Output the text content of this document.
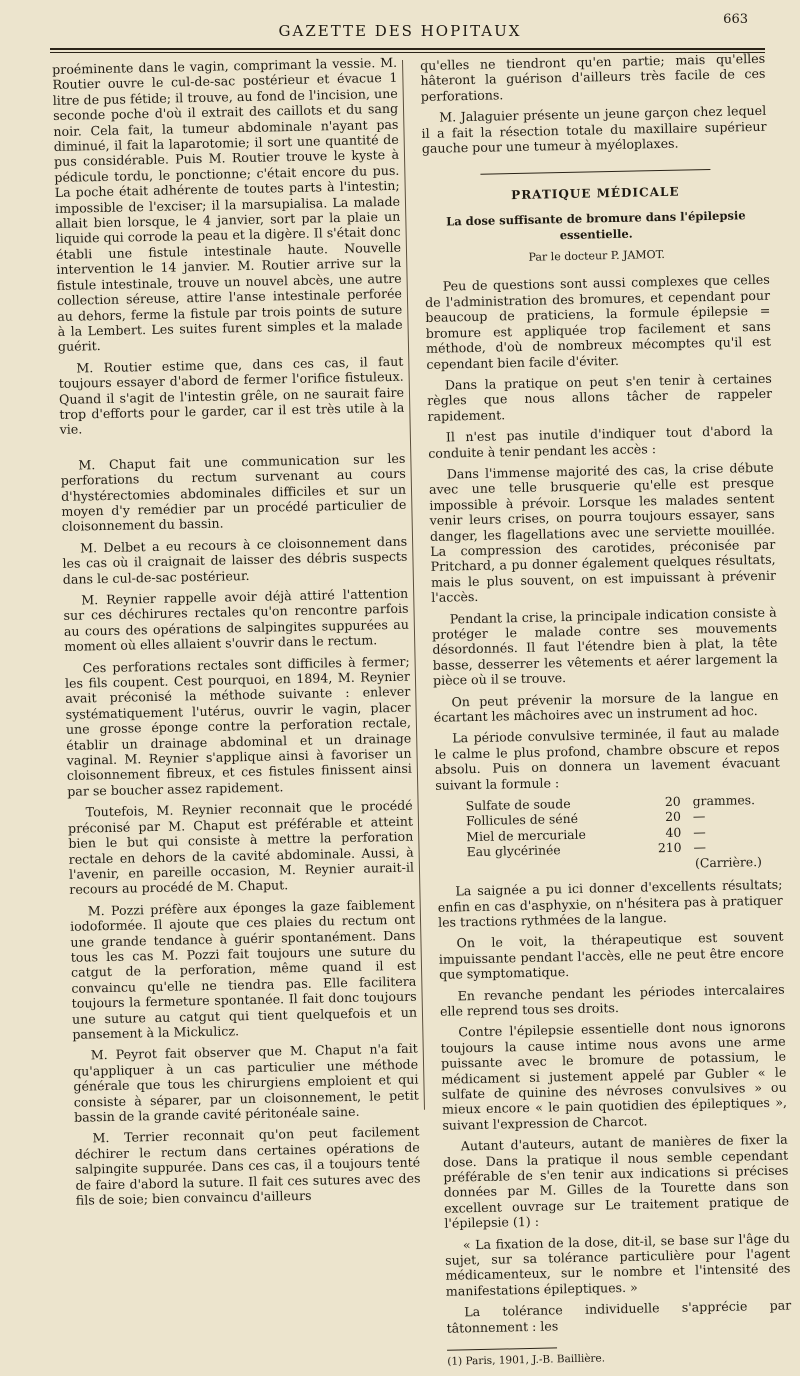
GAZETTE DES HOPITAUX
663

proéminente dans le vagin, comprimant la vessie. M. Routier ouvre le cul-de-sac postérieur et évacue 1 litre de pus fétide; il trouve, au fond de l'incision, une seconde poche d'où il extrait des caillots et du sang noir. Cela fait, la tumeur abdominale n'ayant pas diminué, il fait la laparotomie; il sort une quantité de pus considérable. Puis M. Routier trouve le kyste à pédicule tordu, le ponctionne; c'était encore du pus. La poche était adhérente de toutes parts à l'intestin; impossible de l'exciser; il la marsupialisa. La malade allait bien lorsque, le 4 janvier, sort par la plaie un liquide qui corrode la peau et la digère. Il s'était donc établi une fistule intestinale haute. Nouvelle intervention le 14 janvier. M. Routier arrive sur la fistule intestinale, trouve un nouvel abcès, une autre collection séreuse, attire l'anse intestinale perforée au dehors, ferme la fistule par trois points de suture à la Lembert. Les suites furent simples et la malade guérit.

M. Routier estime que, dans ces cas, il faut toujours essayer d'abord de fermer l'orifice fistuleux. Quand il s'agit de l'intestin grêle, on ne saurait faire trop d'efforts pour le garder, car il est très utile à la vie.

M. Chaput fait une communication sur les perforations du rectum survenant au cours d'hystérectomies abdominales difficiles et sur un moyen d'y remédier par un procédé particulier de cloisonnement du bassin.

M. Delbet a eu recours à ce cloisonnement dans les cas où il craignait de laisser des débris suspects dans le cul-de-sac postérieur.

M. Reynier rappelle avoir déjà attiré l'attention sur ces déchirures rectales qu'on rencontre parfois au cours des opérations de salpingites suppurées au moment où elles allaient s'ouvrir dans le rectum.

Ces perforations rectales sont difficiles à fermer; les fils coupent. Cest pourquoi, en 1894, M. Reynier avait préconisé la méthode suivante : enlever systématiquement l'utérus, ouvrir le vagin, placer une grosse éponge contre la perforation rectale, établir un drainage abdominal et un drainage vaginal. M. Reynier s'applique ainsi à favoriser un cloisonnement fibreux, et ces fistules finissent ainsi par se boucher assez rapidement.

Toutefois, M. Reynier reconnait que le procédé préconisé par M. Chaput est préférable et atteint bien le but qui consiste à mettre la perforation rectale en dehors de la cavité abdominale. Aussi, à l'avenir, en pareille occasion, M. Reynier aurait-il recours au procédé de M. Chaput.

M. Pozzi préfère aux éponges la gaze faiblement iodoformée. Il ajoute que ces plaies du rectum ont une grande tendance à guérir spontanément. Dans tous les cas M. Pozzi fait toujours une suture du catgut de la perforation, même quand il est convaincu qu'elle ne tiendra pas. Elle facilitera toujours la fermeture spontanée. Il fait donc toujours une suture au catgut qui tient quelquefois et un pansement à la Mickulicz.

M. Peyrot fait observer que M. Chaput n'a fait qu'appliquer à un cas particulier une méthode générale que tous les chirurgiens emploient et qui consiste à séparer, par un cloisonnement, le petit bassin de la grande cavité péritonéale saine.

M. Terrier reconnait qu'on peut facilement déchirer le rectum dans certaines opérations de salpingite suppurée. Dans ces cas, il a toujours tenté de faire d'abord la suture. Il fait ces sutures avec des fils de soie; bien convaincu d'ailleurs

qu'elles ne tiendront qu'en partie; mais qu'elles hâteront la guérison d'ailleurs très facile de ces perforations.

M. Jalaguier présente un jeune garçon chez lequel il a fait la résection totale du maxillaire supérieur gauche pour une tumeur à myéloplaxes.

PRATIQUE MÉDICALE

La dose suffisante de bromure dans l'épilepsie essentielle.

Par le docteur P. JAMOT.

Peu de questions sont aussi complexes que celles de l'administration des bromures, et cependant pour beaucoup de praticiens, la formule épilepsie = bromure est appliquée trop facilement et sans méthode, d'où de nombreux mécomptes qu'il est cependant bien facile d'éviter.

Dans la pratique on peut s'en tenir à certaines règles que nous allons tâcher de rappeler rapidement.

Il n'est pas inutile d'indiquer tout d'abord la conduite à tenir pendant les accès :

Dans l'immense majorité des cas, la crise débute avec une telle brusquerie qu'elle est presque impossible à prévoir. Lorsque les malades sentent venir leurs crises, on pourra toujours essayer, sans danger, les flagellations avec une serviette mouillée. La compression des carotides, préconisée par Pritchard, a pu donner également quelques résultats, mais le plus souvent, on est impuissant à prévenir l'accès.

Pendant la crise, la principale indication consiste à protéger le malade contre ses mouvements désordonnés. Il faut l'étendre bien à plat, la tête basse, desserrer les vêtements et aérer largement la pièce où il se trouve.

On peut prévenir la morsure de la langue en écartant les mâchoires avec un instrument ad hoc.

La période convulsive terminée, il faut au malade le calme le plus profond, chambre obscure et repos absolu. Puis on donnera un lavement évacuant suivant la formule :

Sulfate de soude	20 grammes.
Follicules de séné	20 —
Miel de mercuriale	40 —
Eau glycérinée	210 —
(Carrière.)

La saignée a pu ici donner d'excellents résultats; enfin en cas d'asphyxie, on n'hésitera pas à pratiquer les tractions rythmées de la langue.

On le voit, la thérapeutique est souvent impuissante pendant l'accès, elle ne peut être encore que symptomatique.

En revanche pendant les périodes intercalaires elle reprend tous ses droits.

Contre l'épilepsie essentielle dont nous ignorons toujours la cause intime nous avons une arme puissante avec le bromure de potassium, le médicament si justement appelé par Gubler « le sulfate de quinine des névroses convulsives » ou mieux encore « le pain quotidien des épileptiques », suivant l'expression de Charcot.

Autant d'auteurs, autant de manières de fixer la dose. Dans la pratique il nous semble cependant préférable de s'en tenir aux indications si précises données par M. Gilles de la Tourette dans son excellent ouvrage sur Le traitement pratique de l'épilepsie (1) :

« La fixation de la dose, dit-il, se base sur l'âge du sujet, sur sa tolérance particulière pour l'agent médicamenteux, sur le nombre et l'intensité des manifestations épileptiques. »

La tolérance individuelle s'apprécie par tâtonnement : les

(1) Paris, 1901, J.-B. Baillière.
